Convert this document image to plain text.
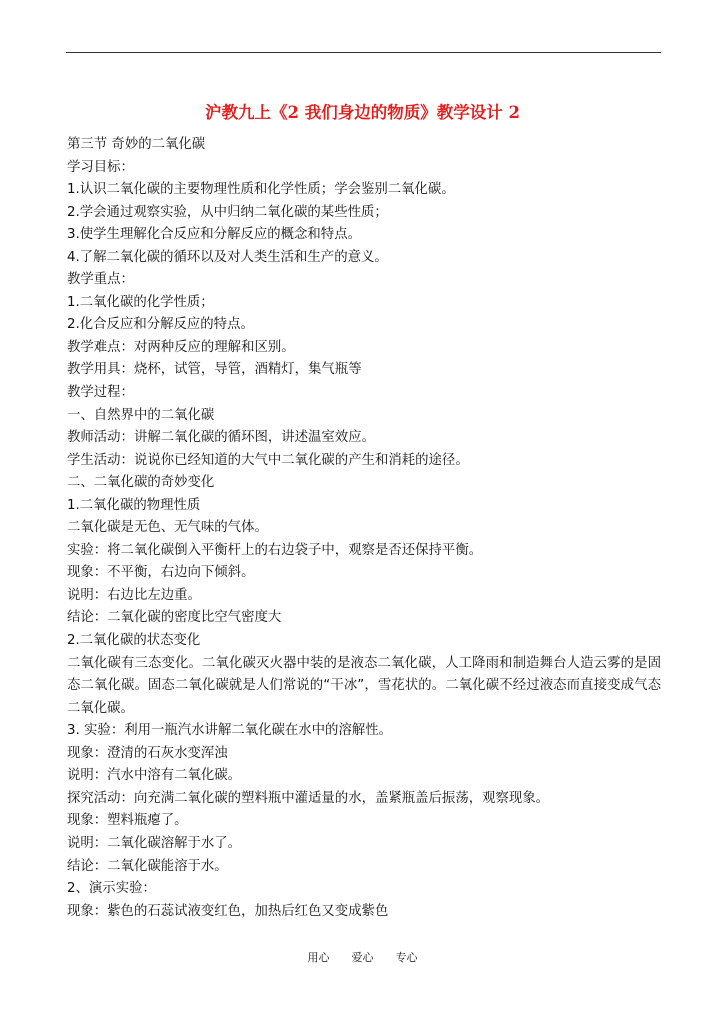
沪教九上《2 我们身边的物质》教学设计 2
第三节 奇妙的二氧化碳
学习目标：
1.认识二氧化碳的主要物理性质和化学性质；学会鉴别二氧化碳。
2.学会通过观察实验，从中归纳二氧化碳的某些性质；
3.使学生理解化合反应和分解反应的概念和特点。
4.了解二氧化碳的循环以及对人类生活和生产的意义。
教学重点：
1.二氧化碳的化学性质；
2.化合反应和分解反应的特点。
教学难点：对两种反应的理解和区别。
教学用具：烧杯，试管，导管，酒精灯，集气瓶等
教学过程：
一、自然界中的二氧化碳
教师活动：讲解二氧化碳的循环图，讲述温室效应。
学生活动：说说你已经知道的大气中二氧化碳的产生和消耗的途径。
二、二氧化碳的奇妙变化
1.二氧化碳的物理性质
二氧化碳是无色、无气味的气体。
实验：将二氧化碳倒入平衡杆上的右边袋子中，观察是否还保持平衡。
现象：不平衡，右边向下倾斜。
说明：右边比左边重。
结论：二氧化碳的密度比空气密度大
2.二氧化碳的状态变化
二氧化碳有三态变化。二氧化碳灭火器中装的是液态二氧化碳，人工降雨和制造舞台人造云雾的是固态二氧化碳。固态二氧化碳就是人们常说的“干冰”，雪花状的。二氧化碳不经过液态而直接变成气态二氧化碳。
3. 实验：利用一瓶汽水讲解二氧化碳在水中的溶解性。
现象：澄清的石灰水变浑浊
说明：汽水中溶有二氧化碳。
探究活动：向充满二氧化碳的塑料瓶中灌适量的水，盖紧瓶盖后振荡，观察现象。
现象：塑料瓶瘪了。
说明：二氧化碳溶解于水了。
结论：二氧化碳能溶于水。
2、演示实验：
现象：紫色的石蕊试液变红色，加热后红色又变成紫色
用心　　爱心　　专心
